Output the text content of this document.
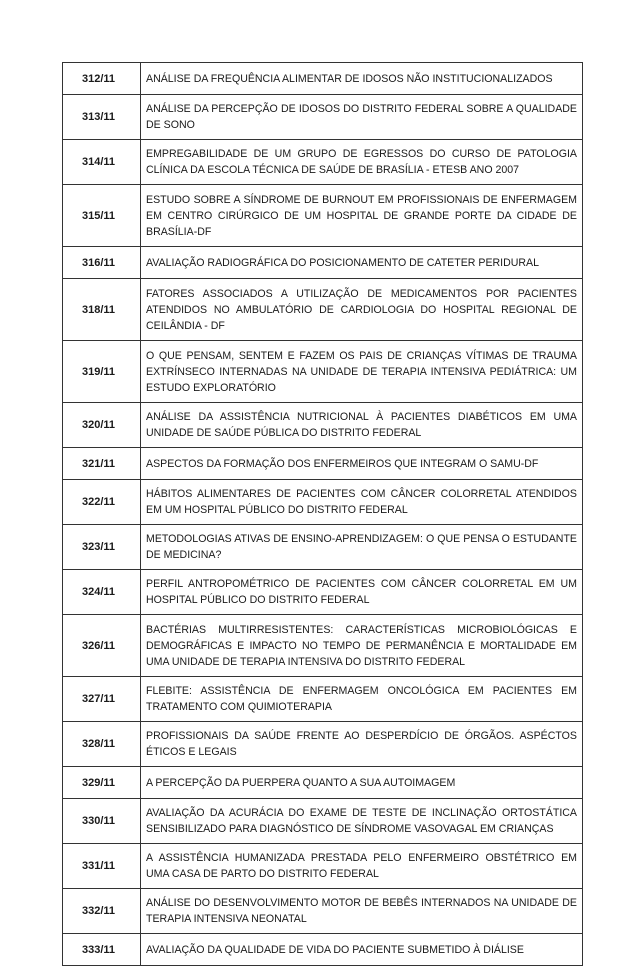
312/11	ANÁLISE DA FREQUÊNCIA ALIMENTAR DE IDOSOS NÃO INSTITUCIONALIZADOS
313/11	ANÁLISE DA PERCEPÇÃO DE IDOSOS DO DISTRITO FEDERAL SOBRE A QUALIDADE DE SONO
314/11	EMPREGABILIDADE DE UM GRUPO DE EGRESSOS DO CURSO DE PATOLOGIA CLÍNICA DA ESCOLA TÉCNICA DE SAÚDE DE BRASÍLIA - ETESB ANO 2007
315/11	ESTUDO SOBRE A SÍNDROME DE BURNOUT EM PROFISSIONAIS DE ENFERMAGEM EM CENTRO CIRÚRGICO DE UM HOSPITAL DE GRANDE PORTE DA CIDADE DE BRASÍLIA-DF
316/11	AVALIAÇÃO RADIOGRÁFICA DO POSICIONAMENTO DE CATETER PERIDURAL
318/11	FATORES ASSOCIADOS A UTILIZAÇÃO DE MEDICAMENTOS POR PACIENTES ATENDIDOS NO AMBULATÓRIO DE CARDIOLOGIA DO HOSPITAL REGIONAL DE CEILÂNDIA - DF
319/11	O QUE PENSAM, SENTEM E FAZEM OS PAIS DE CRIANÇAS VÍTIMAS DE TRAUMA EXTRÍNSECO INTERNADAS NA UNIDADE DE TERAPIA INTENSIVA PEDIÁTRICA: UM ESTUDO EXPLORATÓRIO
320/11	ANÁLISE DA ASSISTÊNCIA NUTRICIONAL À PACIENTES DIABÉTICOS EM UMA UNIDADE DE SAÚDE PÚBLICA DO DISTRITO FEDERAL
321/11	ASPECTOS DA FORMAÇÃO DOS ENFERMEIROS QUE INTEGRAM O SAMU-DF
322/11	HÁBITOS ALIMENTARES DE PACIENTES COM CÂNCER COLORRETAL ATENDIDOS EM UM HOSPITAL PÚBLICO DO DISTRITO FEDERAL
323/11	METODOLOGIAS ATIVAS DE ENSINO-APRENDIZAGEM: O QUE PENSA O ESTUDANTE DE MEDICINA?
324/11	PERFIL ANTROPOMÉTRICO DE PACIENTES COM CÂNCER COLORRETAL EM UM HOSPITAL PÚBLICO DO DISTRITO FEDERAL
326/11	BACTÉRIAS MULTIRRESISTENTES: CARACTERÍSTICAS MICROBIOLÓGICAS E DEMOGRÁFICAS E IMPACTO NO TEMPO DE PERMANÊNCIA E MORTALIDADE EM UMA UNIDADE DE TERAPIA INTENSIVA DO DISTRITO FEDERAL
327/11	FLEBITE: ASSISTÊNCIA DE ENFERMAGEM ONCOLÓGICA EM PACIENTES EM TRATAMENTO COM QUIMIOTERAPIA
328/11	PROFISSIONAIS DA SAÚDE FRENTE AO DESPERDÍCIO DE ÓRGÃOS. ASPÉCTOS ÉTICOS E LEGAIS
329/11	A PERCEPÇÃO DA PUERPERA QUANTO A SUA AUTOIMAGEM
330/11	AVALIAÇÃO DA ACURÁCIA DO EXAME DE TESTE DE INCLINAÇÃO ORTOSTÁTICA SENSIBILIZADO PARA DIAGNÓSTICO DE SÍNDROME VASOVAGAL EM CRIANÇAS
331/11	A ASSISTÊNCIA HUMANIZADA PRESTADA PELO ENFERMEIRO OBSTÉTRICO EM UMA CASA DE PARTO DO DISTRITO FEDERAL
332/11	ANÁLISE DO DESENVOLVIMENTO MOTOR DE BEBÊS INTERNADOS NA UNIDADE DE TERAPIA INTENSIVA NEONATAL
333/11	AVALIAÇÃO DA QUALIDADE DE VIDA DO PACIENTE SUBMETIDO À DIÁLISE
